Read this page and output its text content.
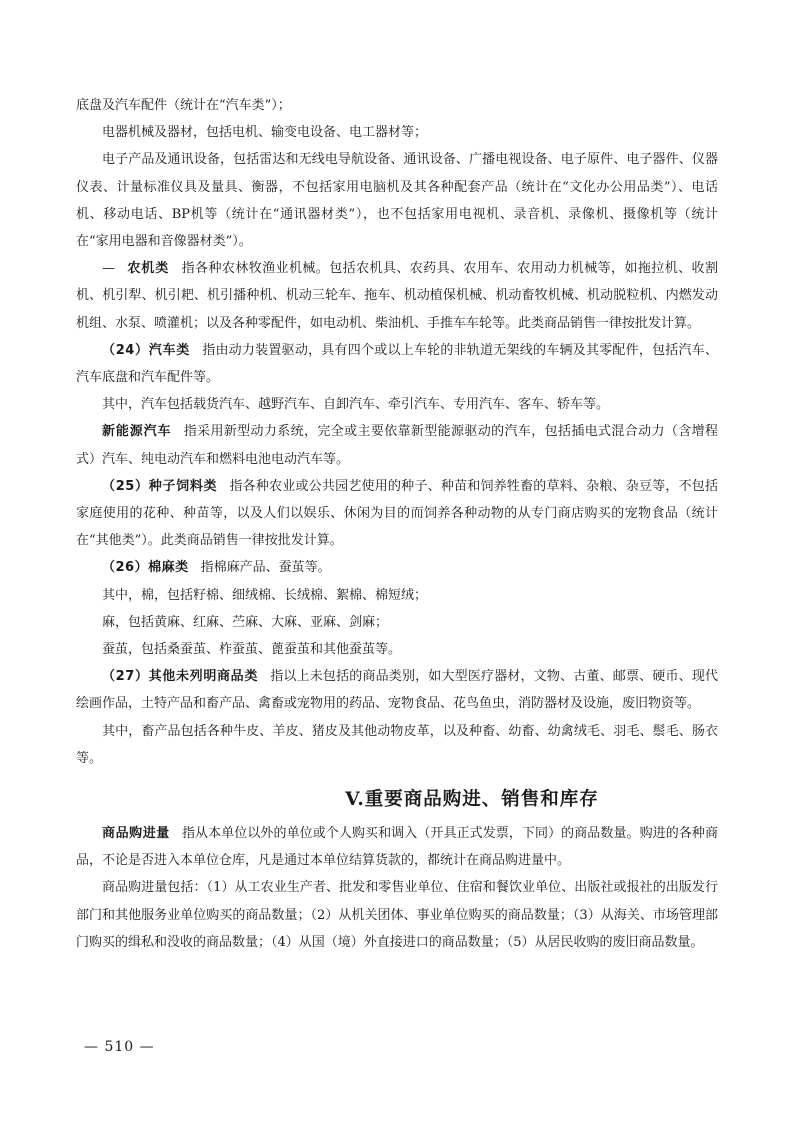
底盘及汽车配件（统计在“汽车类”）；

电器机械及器材，包括电机、输变电设备、电工器材等；

电子产品及通讯设备，包括雷达和无线电导航设备、通讯设备、广播电视设备、电子原件、电子器件、仪器仪表、计量标准仪具及量具、衡器，不包括家用电脑机及其各种配套产品（统计在“文化办公用品类”）、电话机、移动电话、BP机等（统计在“通讯器材类”），也不包括家用电视机、录音机、录像机、摄像机等（统计在“家用电器和音像器材类”）。

— 农机类 指各种农林牧渔业机械。包括农机具、农药具、农用车、农用动力机械等，如拖拉机、收割机、机引犁、机引耙、机引播种机、机动三轮车、拖车、机动植保机械、机动畜牧机械、机动脱粒机、内燃发动机组、水泵、喷灌机；以及各种零配件，如电动机、柴油机、手推车车轮等。此类商品销售一律按批发计算。

（24）汽车类 指由动力装置驱动，具有四个或以上车轮的非轨道无架线的车辆及其零配件，包括汽车、汽车底盘和汽车配件等。

其中，汽车包括载货汽车、越野汽车、自卸汽车、牵引汽车、专用汽车、客车、轿车等。

新能源汽车 指采用新型动力系统，完全或主要依靠新型能源驱动的汽车，包括插电式混合动力（含增程式）汽车、纯电动汽车和燃料电池电动汽车等。

（25）种子饲料类 指各种农业或公共园艺使用的种子、种苗和饲养牲畜的草料、杂粮、杂豆等，不包括家庭使用的花种、种苗等，以及人们以娱乐、休闲为目的而饲养各种动物的从专门商店购买的宠物食品（统计在“其他类”）。此类商品销售一律按批发计算。

（26）棉麻类 指棉麻产品、蚕茧等。

其中，棉，包括籽棉、细绒棉、长绒棉、絮棉、棉短绒；

麻，包括黄麻、红麻、苎麻、大麻、亚麻、剑麻；

蚕茧，包括桑蚕茧、柞蚕茧、蓖蚕茧和其他蚕茧等。

（27）其他未列明商品类 指以上未包括的商品类别，如大型医疗器材，文物、古董、邮票、硬币、现代绘画作品，土特产品和畜产品、禽畜或宠物用的药品、宠物食品、花鸟鱼虫，消防器材及设施，废旧物资等。

其中，畜产品包括各种牛皮、羊皮、猪皮及其他动物皮革，以及种畜、幼畜、幼禽绒毛、羽毛、鬃毛、肠衣等。

V.重要商品购进、销售和库存

商品购进量 指从本单位以外的单位或个人购买和调入（开具正式发票，下同）的商品数量。购进的各种商品，不论是否进入本单位仓库，凡是通过本单位结算货款的，都统计在商品购进量中。

商品购进量包括：（1）从工农业生产者、批发和零售业单位、住宿和餐饮业单位、出版社或报社的出版发行部门和其他服务业单位购买的商品数量；（2）从机关团体、事业单位购买的商品数量；（3）从海关、市场管理部门购买的缉私和没收的商品数量；（4）从国（境）外直接进口的商品数量；（5）从居民收购的废旧商品数量。

— 510 —
